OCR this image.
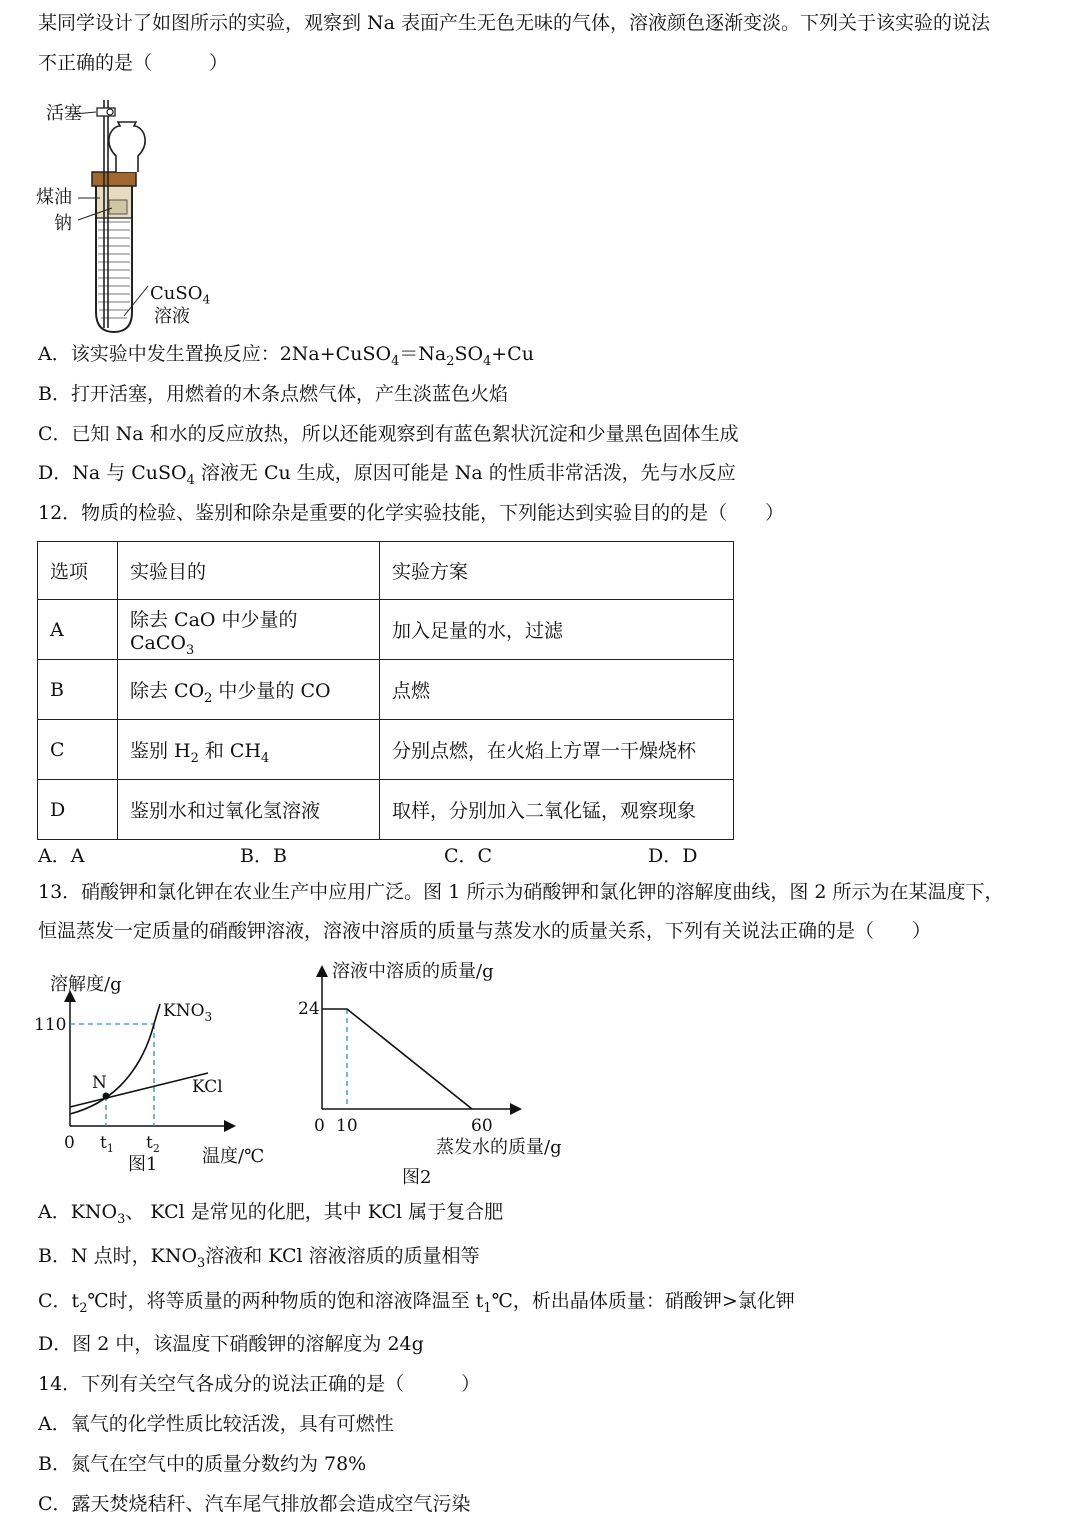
某同学设计了如图所示的实验，观察到 Na 表面产生无色无味的气体，溶液颜色逐渐变淡。下列关于该实验的说法
不正确的是（　　　）
活塞
煤油
钠
CuSO$_4$
溶液
A．该实验中发生置换反应：$2Na+CuSO_4=Na_2SO_4+Cu$
B．打开活塞，用燃着的木条点燃气体，产生淡蓝色火焰
C．已知 Na 和水的反应放热，所以还能观察到有蓝色絮状沉淀和少量黑色固体生成
D．Na 与 CuSO$_4$ 溶液无 Cu 生成，原因可能是 Na 的性质非常活泼，先与水反应
12．物质的检验、鉴别和除杂是重要的化学实验技能，下列能达到实验目的的是（　　）
选项	实验目的	实验方案
A	除去 CaO 中少量的 CaCO$_3$	加入足量的水，过滤
B	除去 $CO_2$ 中少量的 CO	点燃
C	鉴别 $H_2$ 和 $CH_4$	分别点燃，在火焰上方罩一干燥烧杯
D	鉴别水和过氧化氢溶液	取样，分别加入二氧化锰，观察现象
A．A	B．B	C．C	D．D
13．硝酸钾和氯化钾在农业生产中应用广泛。图 1 所示为硝酸钾和氯化钾的溶解度曲线，图 2 所示为在某温度下，
恒温蒸发一定质量的硝酸钾溶液，溶液中溶质的质量与蒸发水的质量关系，下列有关说法正确的是（　　）
溶解度/g
110
$KNO_3$
KCl
N
0 $t_1$ $t_2$ 温度/℃
图1
溶液中溶质的质量/g
24
0 10	60
蒸发水的质量/g
图2
A．$KNO_3$、 KCl 是常见的化肥，其中 KCl 属于复合肥
B．N 点时，$KNO_3$溶液和 KCl 溶液溶质的质量相等
C．$t_2℃$时，将等质量的两种物质的饱和溶液降温至 $t_1℃$，析出晶体质量：硝酸钾>氯化钾
D．图 2 中，该温度下硝酸钾的溶解度为 24g
14．下列有关空气各成分的说法正确的是（　　　）
A．氧气的化学性质比较活泼，具有可燃性
B．氮气在空气中的质量分数约为 78%
C．露天焚烧秸秆、汽车尾气排放都会造成空气污染
